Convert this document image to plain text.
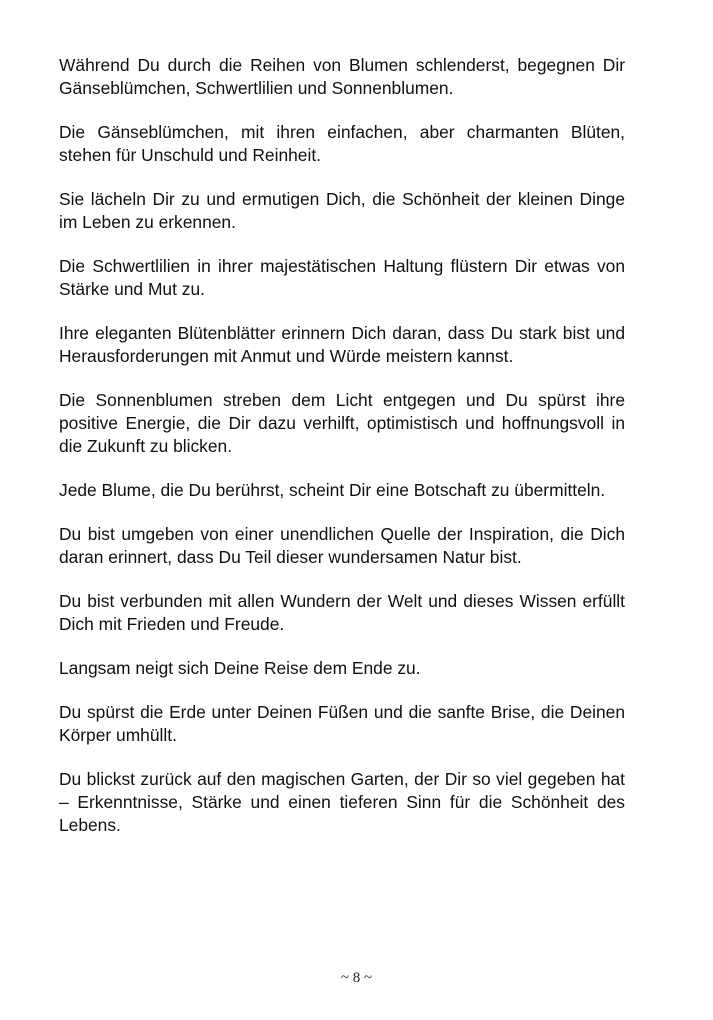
Während Du durch die Reihen von Blumen schlenderst, begegnen Dir Gänseblümchen, Schwertlilien und Sonnenblumen.

Die Gänseblümchen, mit ihren einfachen, aber charmanten Blüten, stehen für Unschuld und Reinheit.

Sie lächeln Dir zu und ermutigen Dich, die Schönheit der kleinen Dinge im Leben zu erkennen.

Die Schwertlilien in ihrer majestätischen Haltung flüstern Dir etwas von Stärke und Mut zu.

Ihre eleganten Blütenblätter erinnern Dich daran, dass Du stark bist und Herausforderungen mit Anmut und Würde meistern kannst.

Die Sonnenblumen streben dem Licht entgegen und Du spürst ihre positive Energie, die Dir dazu verhilft, optimistisch und hoffnungsvoll in die Zukunft zu blicken.

Jede Blume, die Du berührst, scheint Dir eine Botschaft zu übermitteln.

Du bist umgeben von einer unendlichen Quelle der Inspiration, die Dich daran erinnert, dass Du Teil dieser wundersamen Natur bist.

Du bist verbunden mit allen Wundern der Welt und dieses Wissen erfüllt Dich mit Frieden und Freude.

Langsam neigt sich Deine Reise dem Ende zu.

Du spürst die Erde unter Deinen Füßen und die sanfte Brise, die Deinen Körper umhüllt.

Du blickst zurück auf den magischen Garten, der Dir so viel gegeben hat – Erkenntnisse, Stärke und einen tieferen Sinn für die Schönheit des Lebens.

~ 8 ~
